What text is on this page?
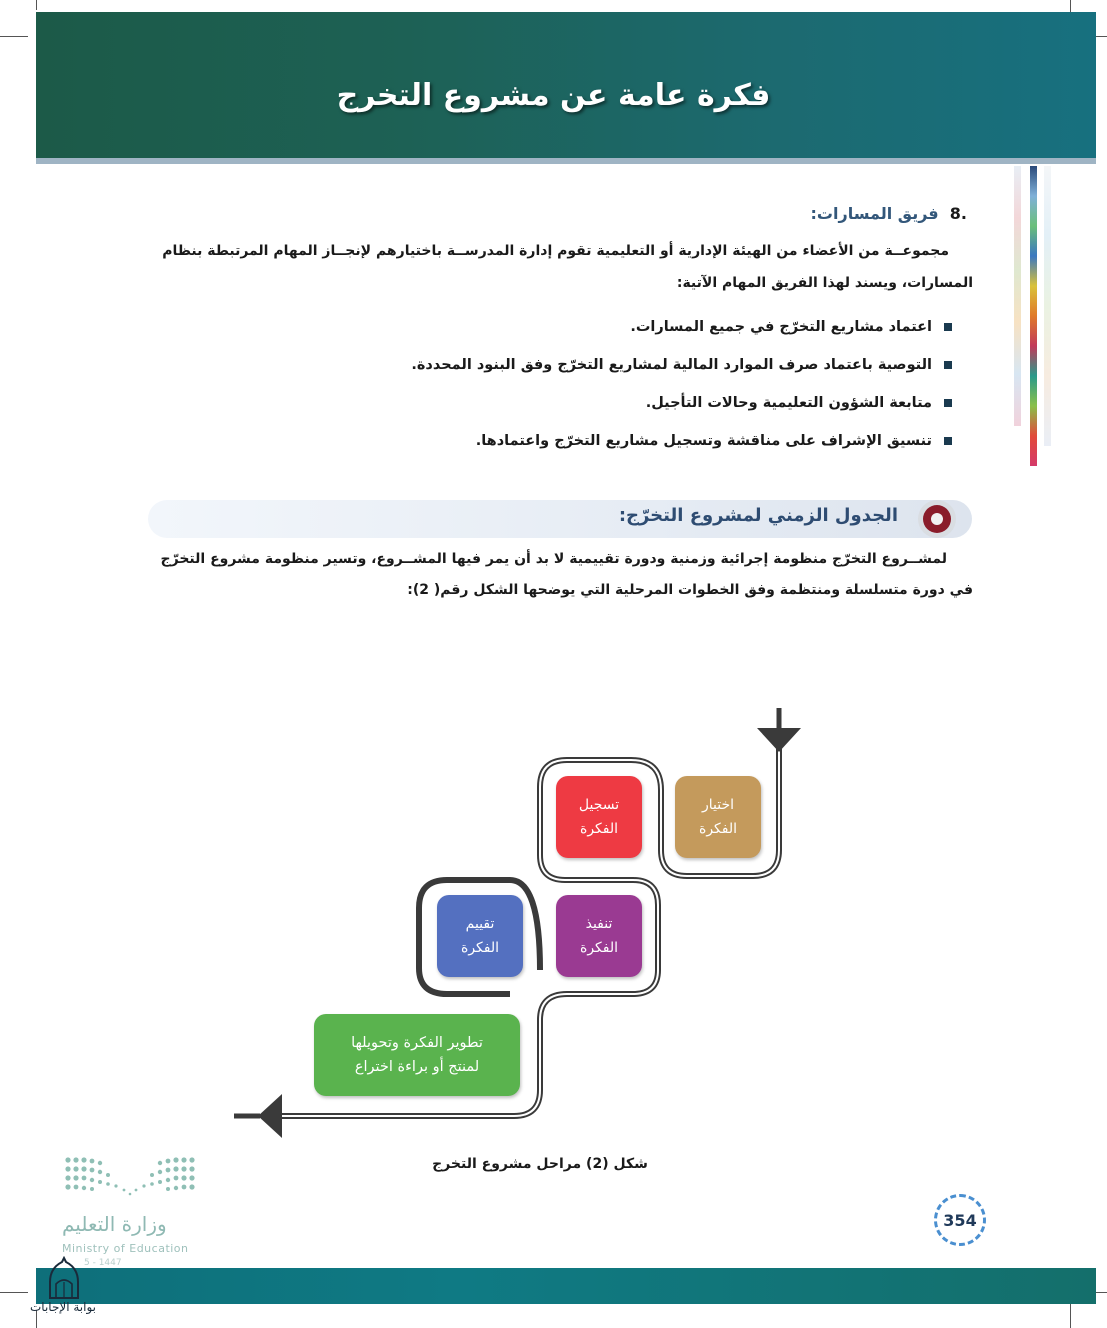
فكرة عامة عن مشروع التخرج
.8  فريق المسارات:
مجموعــة من الأعضاء من الهيئة الإدارية أو التعليمية تقوم إدارة المدرســة باختيارهم لإنجــاز المهام المرتبطة بنظام
المسارات، ويسند لهذا الفريق المهام الآتية:
اعتماد مشاريع التخرّج في جميع المسارات.
التوصية باعتماد صرف الموارد المالية لمشاريع التخرّج وفق البنود المحددة.
متابعة الشؤون التعليمية وحالات التأجيل.
تنسيق الإشراف على مناقشة وتسجيل مشاريع التخرّج واعتمادها.
الجدول الزمني لمشروع التخرّج:
لمشــروع التخرّج منظومة إجرائية وزمنية ودورة تقييمية لا بد أن يمر فيها المشــروع، وتسير منظومة مشروع التخرّج
في دورة متسلسلة ومنتظمة وفق الخطوات المرحلية التي يوضحها الشكل رقم( 2):
اختيار
الفكرة
تسجيل
الفكرة
تنفيذ
الفكرة
تقييم
الفكرة
تطوير الفكرة وتحويلها
لمنتج أو براءة اختراع
شكل (2) مراحل مشروع التخرج
وزارة التعليم
Ministry of Education
5 - 1447
354
بوابة الإجابات
